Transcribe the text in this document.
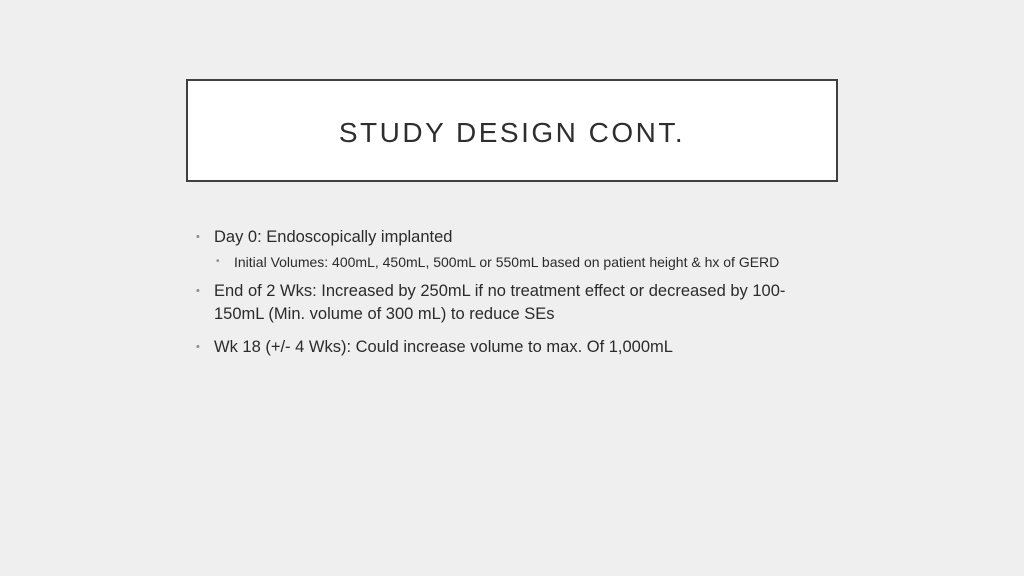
STUDY DESIGN CONT.
• Day 0: Endoscopically implanted
• Initial Volumes: 400mL, 450mL, 500mL or 550mL based on patient height & hx of GERD
• End of 2 Wks: Increased by 250mL if no treatment effect or decreased by 100-150mL (Min. volume of 300 mL) to reduce SEs
• Wk 18 (+/- 4 Wks): Could increase volume to max. Of 1,000mL
